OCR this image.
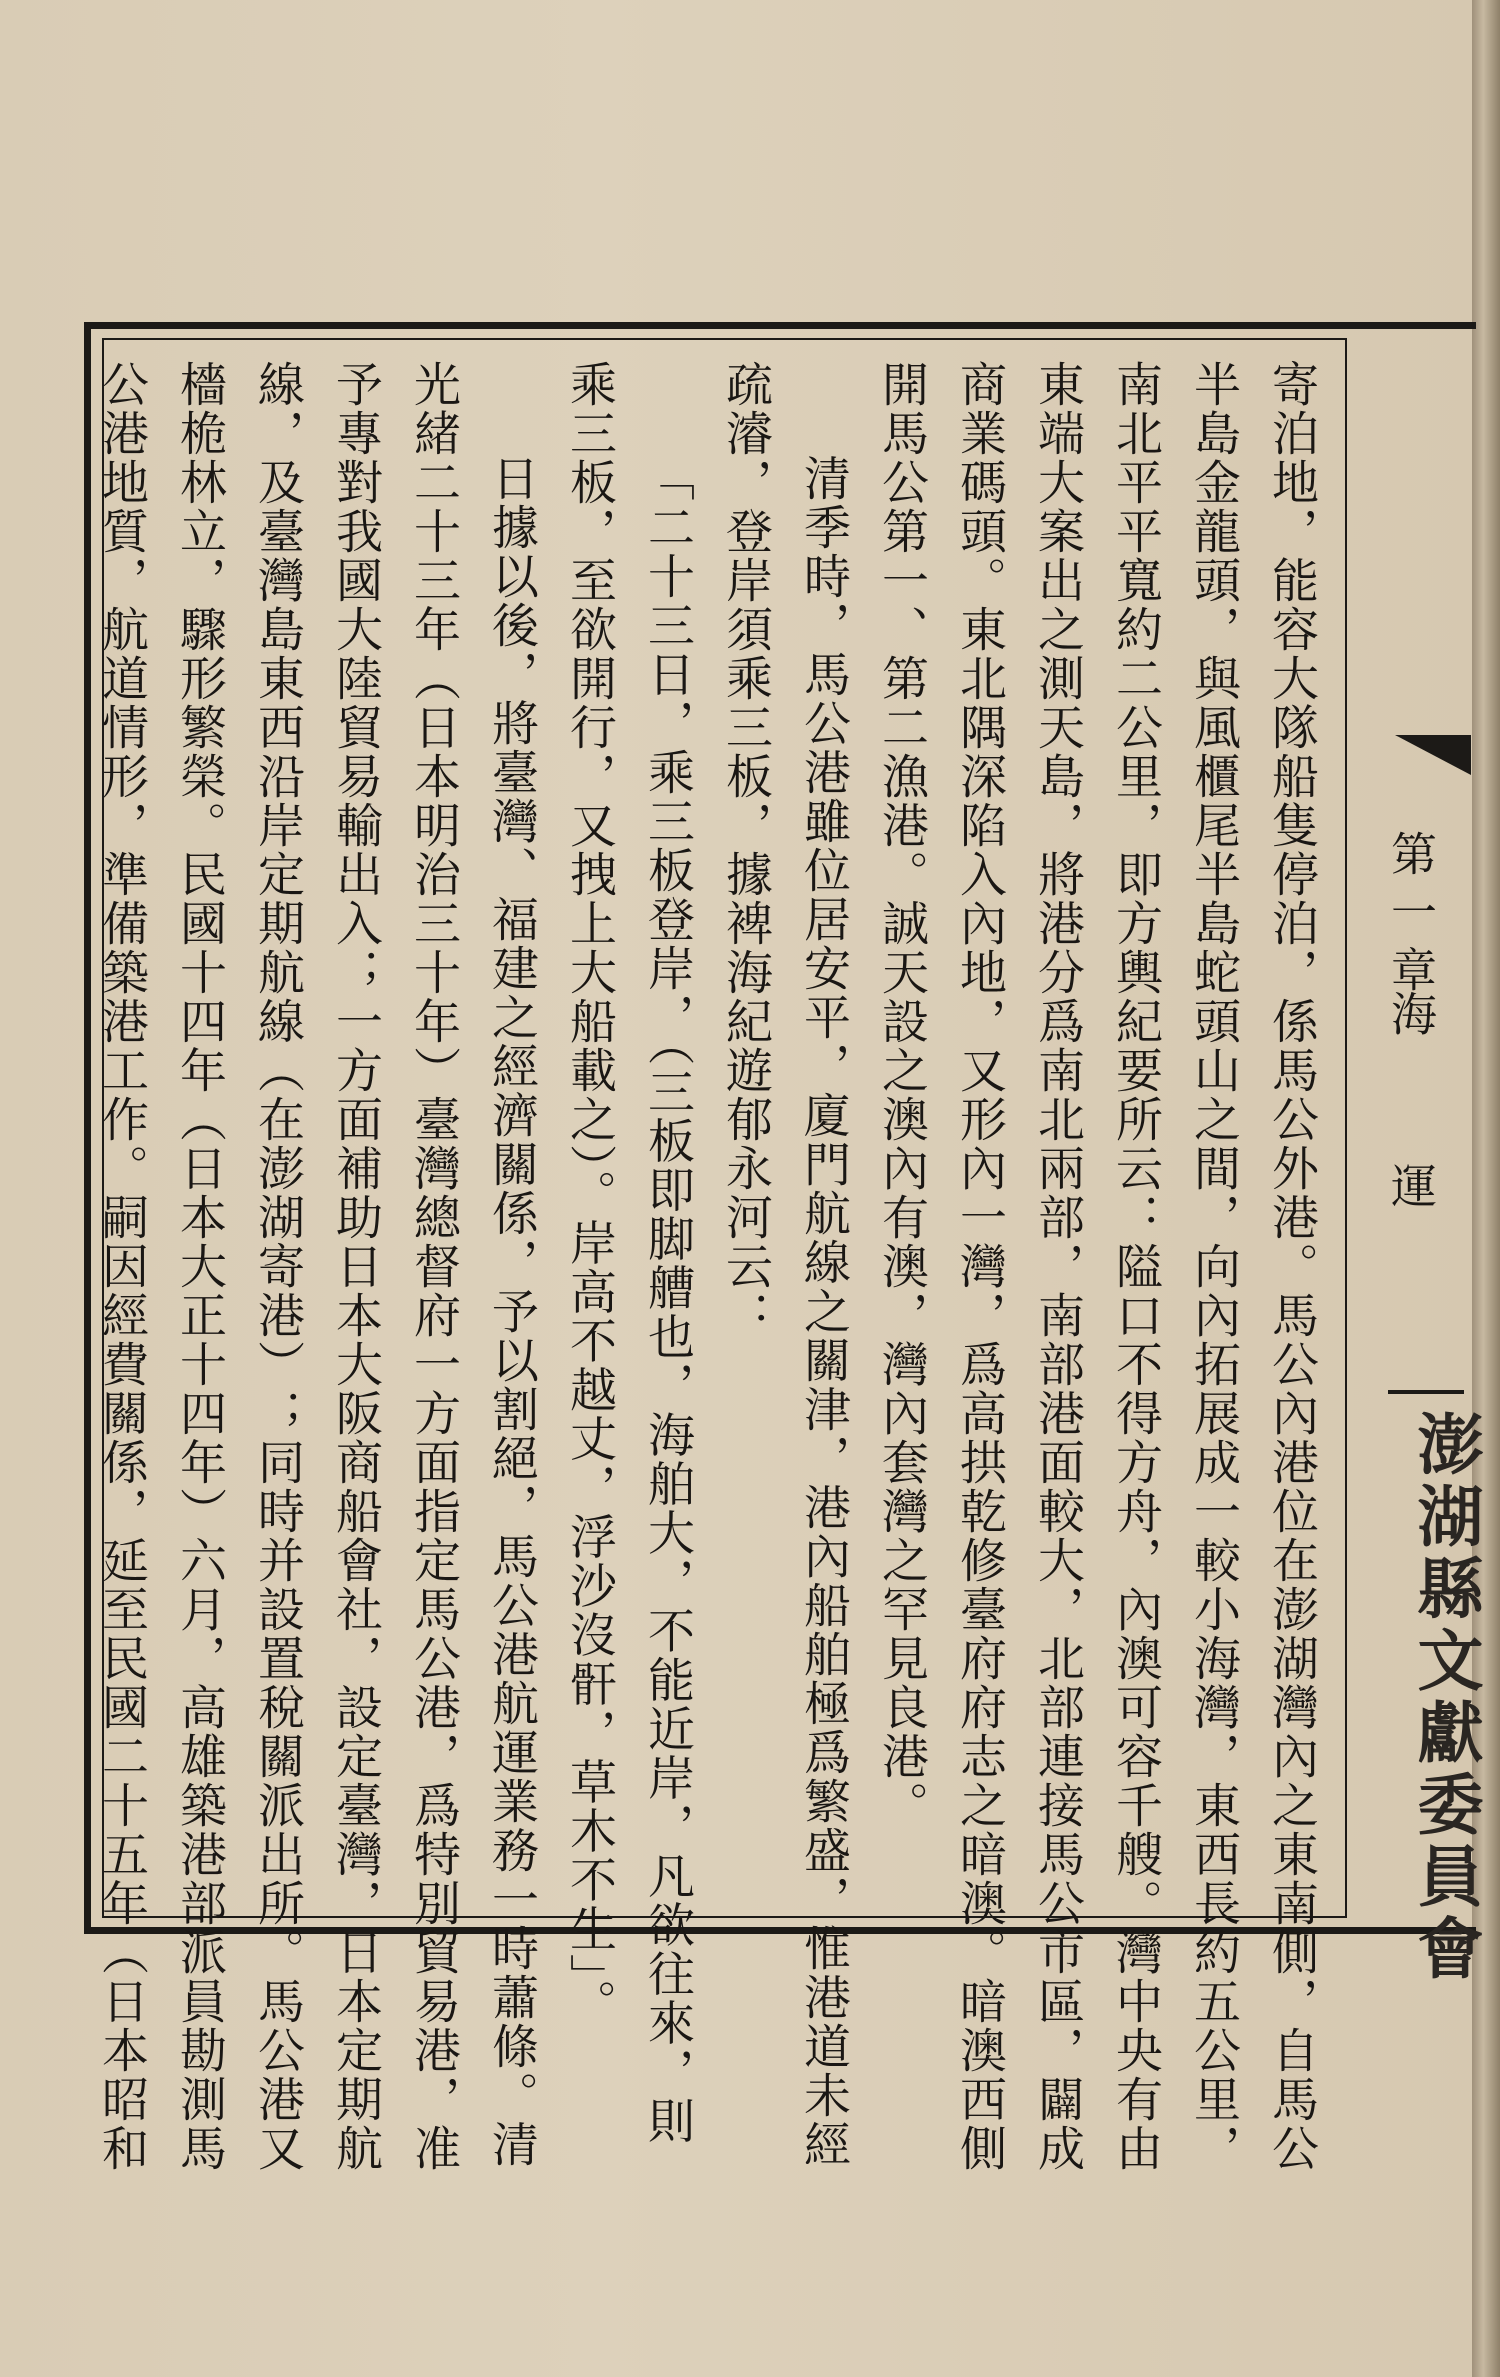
寄泊地，能容大隊船隻停泊，係馬公外港。馬公內港位在澎湖灣內之東南側，自馬公

半島金龍頭，與風櫃尾半島蛇頭山之間，向內拓展成一較小海灣，東西長約五公里，

南北平平寬約二公里，即方輿紀要所云：隘口不得方舟，內澳可容千艘。灣中央有由

東端大案出之測天島，將港分爲南北兩部，南部港面較大，北部連接馬公市區，闢成

商業碼頭。東北隅深陷入內地，又形內一灣，爲高拱乾修臺府府志之暗澳。暗澳西側

開馬公第一、第二漁港。誠天設之澳內有澳，灣內套灣之罕見良港。

清季時，馬公港雖位居安平，廈門航線之關津，港內船舶極爲繁盛，惟港道未經

疏濬，登岸須乘三板，據裨海紀遊郁永河云：

「二十三日，乘三板登岸，（三板即脚艚也，海舶大，不能近岸，凡欲往來，則

乘三板，至欲開行，又拽上大船載之）。岸高不越丈，浮沙沒骭，草木不生」。

日據以後，將臺灣、福建之經濟關係，予以割絕，馬公港航運業務一時蕭條。清

光緒二十三年（日本明治三十年）臺灣總督府一方面指定馬公港，爲特別貿易港，准

予專對我國大陸貿易輸出入；一方面補助日本大阪商船會社，設定臺灣，日本定期航

線，及臺灣島東西沿岸定期航線（在澎湖寄港）；同時并設置稅關派出所。馬公港又

檣桅林立，驟形繁榮。民國十四年（日本大正十四年）六月，高雄築港部派員勘測馬

公港地質，航道情形，準備築港工作。嗣因經費關係，延至民國二十五年（日本昭和	第一章
海　運
澎湖縣文獻委員會
